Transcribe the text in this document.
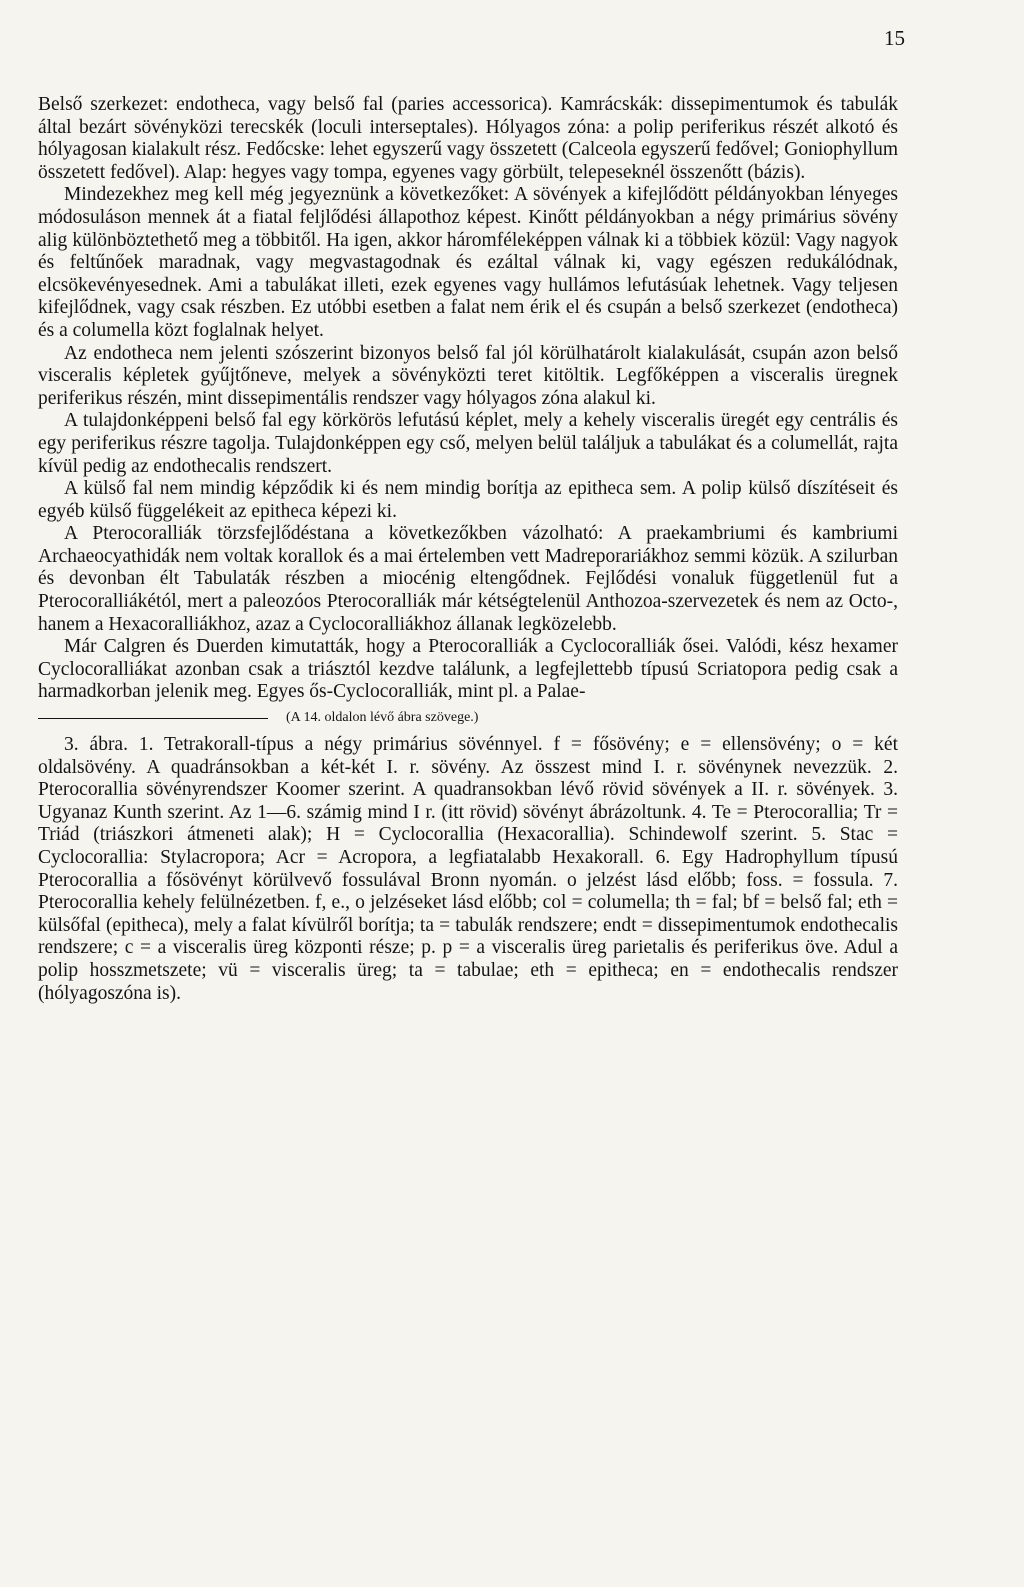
15

Belső szerkezet: endotheca, vagy belső fal (paries accessorica). Kamrácskák: dissepimentumok és tabulák által bezárt sövényközi terecskék (loculi interseptales). Hólyagos zóna: a polip periferikus részét alkotó és hólyagosan kialakult rész. Fedőcske: lehet egyszerű vagy összetett (Calceola egyszerű fedővel; Goniophyllum összetett fedővel). Alap: hegyes vagy tompa, egyenes vagy görbült, telepeseknél összenőtt (bázis).

Mindezekhez meg kell még jegyeznünk a következőket: A sövények a kifejlődött példányokban lényeges módosuláson mennek át a fiatal feljlődési állapothoz képest. Kinőtt példányokban a négy primárius sövény alig különböztethető meg a többitől. Ha igen, akkor háromféleképpen válnak ki a többiek közül: Vagy nagyok és feltűnőek maradnak, vagy megvastagodnak és ezáltal válnak ki, vagy egészen redukálódnak, elcsökevényesednek. Ami a tabulákat illeti, ezek egyenes vagy hullámos lefutásúak lehetnek. Vagy teljesen kifejlődnek, vagy csak részben. Ez utóbbi esetben a falat nem érik el és csupán a belső szerkezet (endotheca) és a columella közt foglalnak helyet.

Az endotheca nem jelenti szószerint bizonyos belső fal jól körülhatárolt kialakulását, csupán azon belső visceralis képletek gyűjtőneve, melyek a sövényközti teret kitöltik. Legfőképpen a visceralis üregnek periferikus részén, mint dissepimentális rendszer vagy hólyagos zóna alakul ki.

A tulajdonképpeni belső fal egy körkörös lefutású képlet, mely a kehely visceralis üregét egy centrális és egy periferikus részre tagolja. Tulajdonképpen egy cső, melyen belül találjuk a tabulákat és a columellát, rajta kívül pedig az endothecalis rendszert.

A külső fal nem mindig képződik ki és nem mindig borítja az epitheca sem. A polip külső díszítéseit és egyéb külső függelékeit az epitheca képezi ki.

A Pterocoralliák törzsfejlődéstana a következőkben vázolható: A praekambriumi és kambriumi Archaeocyathidák nem voltak korallok és a mai értelemben vett Madreporariákhoz semmi közük. A szilurban és devonban élt Tabulaták részben a miocénig eltengődnek. Fejlődési vonaluk függetlenül fut a Pterocoralliákétól, mert a paleozóos Pterocoralliák már kétségtelenül Anthozoa-szervezetek és nem az Octo-, hanem a Hexacoralliákhoz, azaz a Cyclocoralliákhoz állanak legközelebb.

Már Calgren és Duerden kimutatták, hogy a Pterocoralliák a Cyclocoralliák ősei. Valódi, kész hexamer Cyclocoralliákat azonban csak a triásztól kezdve találunk, a legfejlettebb típusú Scriatopora pedig csak a harmadkorban jelenik meg. Egyes ős-Cyclocoralliák, mint pl. a Palae-

(A 14. oldalon lévő ábra szövege.)

3. ábra. 1. Tetrakorall-típus a négy primárius sövénnyel. f = fősövény; e = ellensövény; o = két oldalsövény. A quadránsokban a két-két I. r. sövény. Az összest mind I. r. sövénynek nevezzük. 2. Pterocorallia sövényrendszer Koomer szerint. A quadransokban lévő rövid sövények a II. r. sövények. 3. Ugyanaz Kunth szerint. Az 1—6. számig mind I r. (itt rövid) sövényt ábrázoltunk. 4. Te = Pterocorallia; Tr = Triád (triászkori átmeneti alak); H = Cyclocorallia (Hexacorallia). Schindewolf szerint. 5. Stac = Cyclocorallia: Stylacropora; Acr = Acropora, a legfiatalabb Hexakorall. 6. Egy Hadrophyllum típusú Pterocorallia a fősövényt körülvevő fossulával Bronn nyomán. o jelzést lásd előbb; foss. = fossula. 7. Pterocorallia kehely felülnézetben. f, e., o jelzéseket lásd előbb; col = columella; th = fal; bf = belső fal; eth = külsőfal (epitheca), mely a falat kívülről borítja; ta = tabulák rendszere; endt = dissepimentumok endothecalis rendszere; c = a visceralis üreg központi része; p. p = a visceralis üreg parietalis és periferikus öve. Adul a polip hosszmetszete; vü = visceralis üreg; ta = tabulae; eth = epitheca; en = endothecalis rendszer (hólyagoszóna is).
